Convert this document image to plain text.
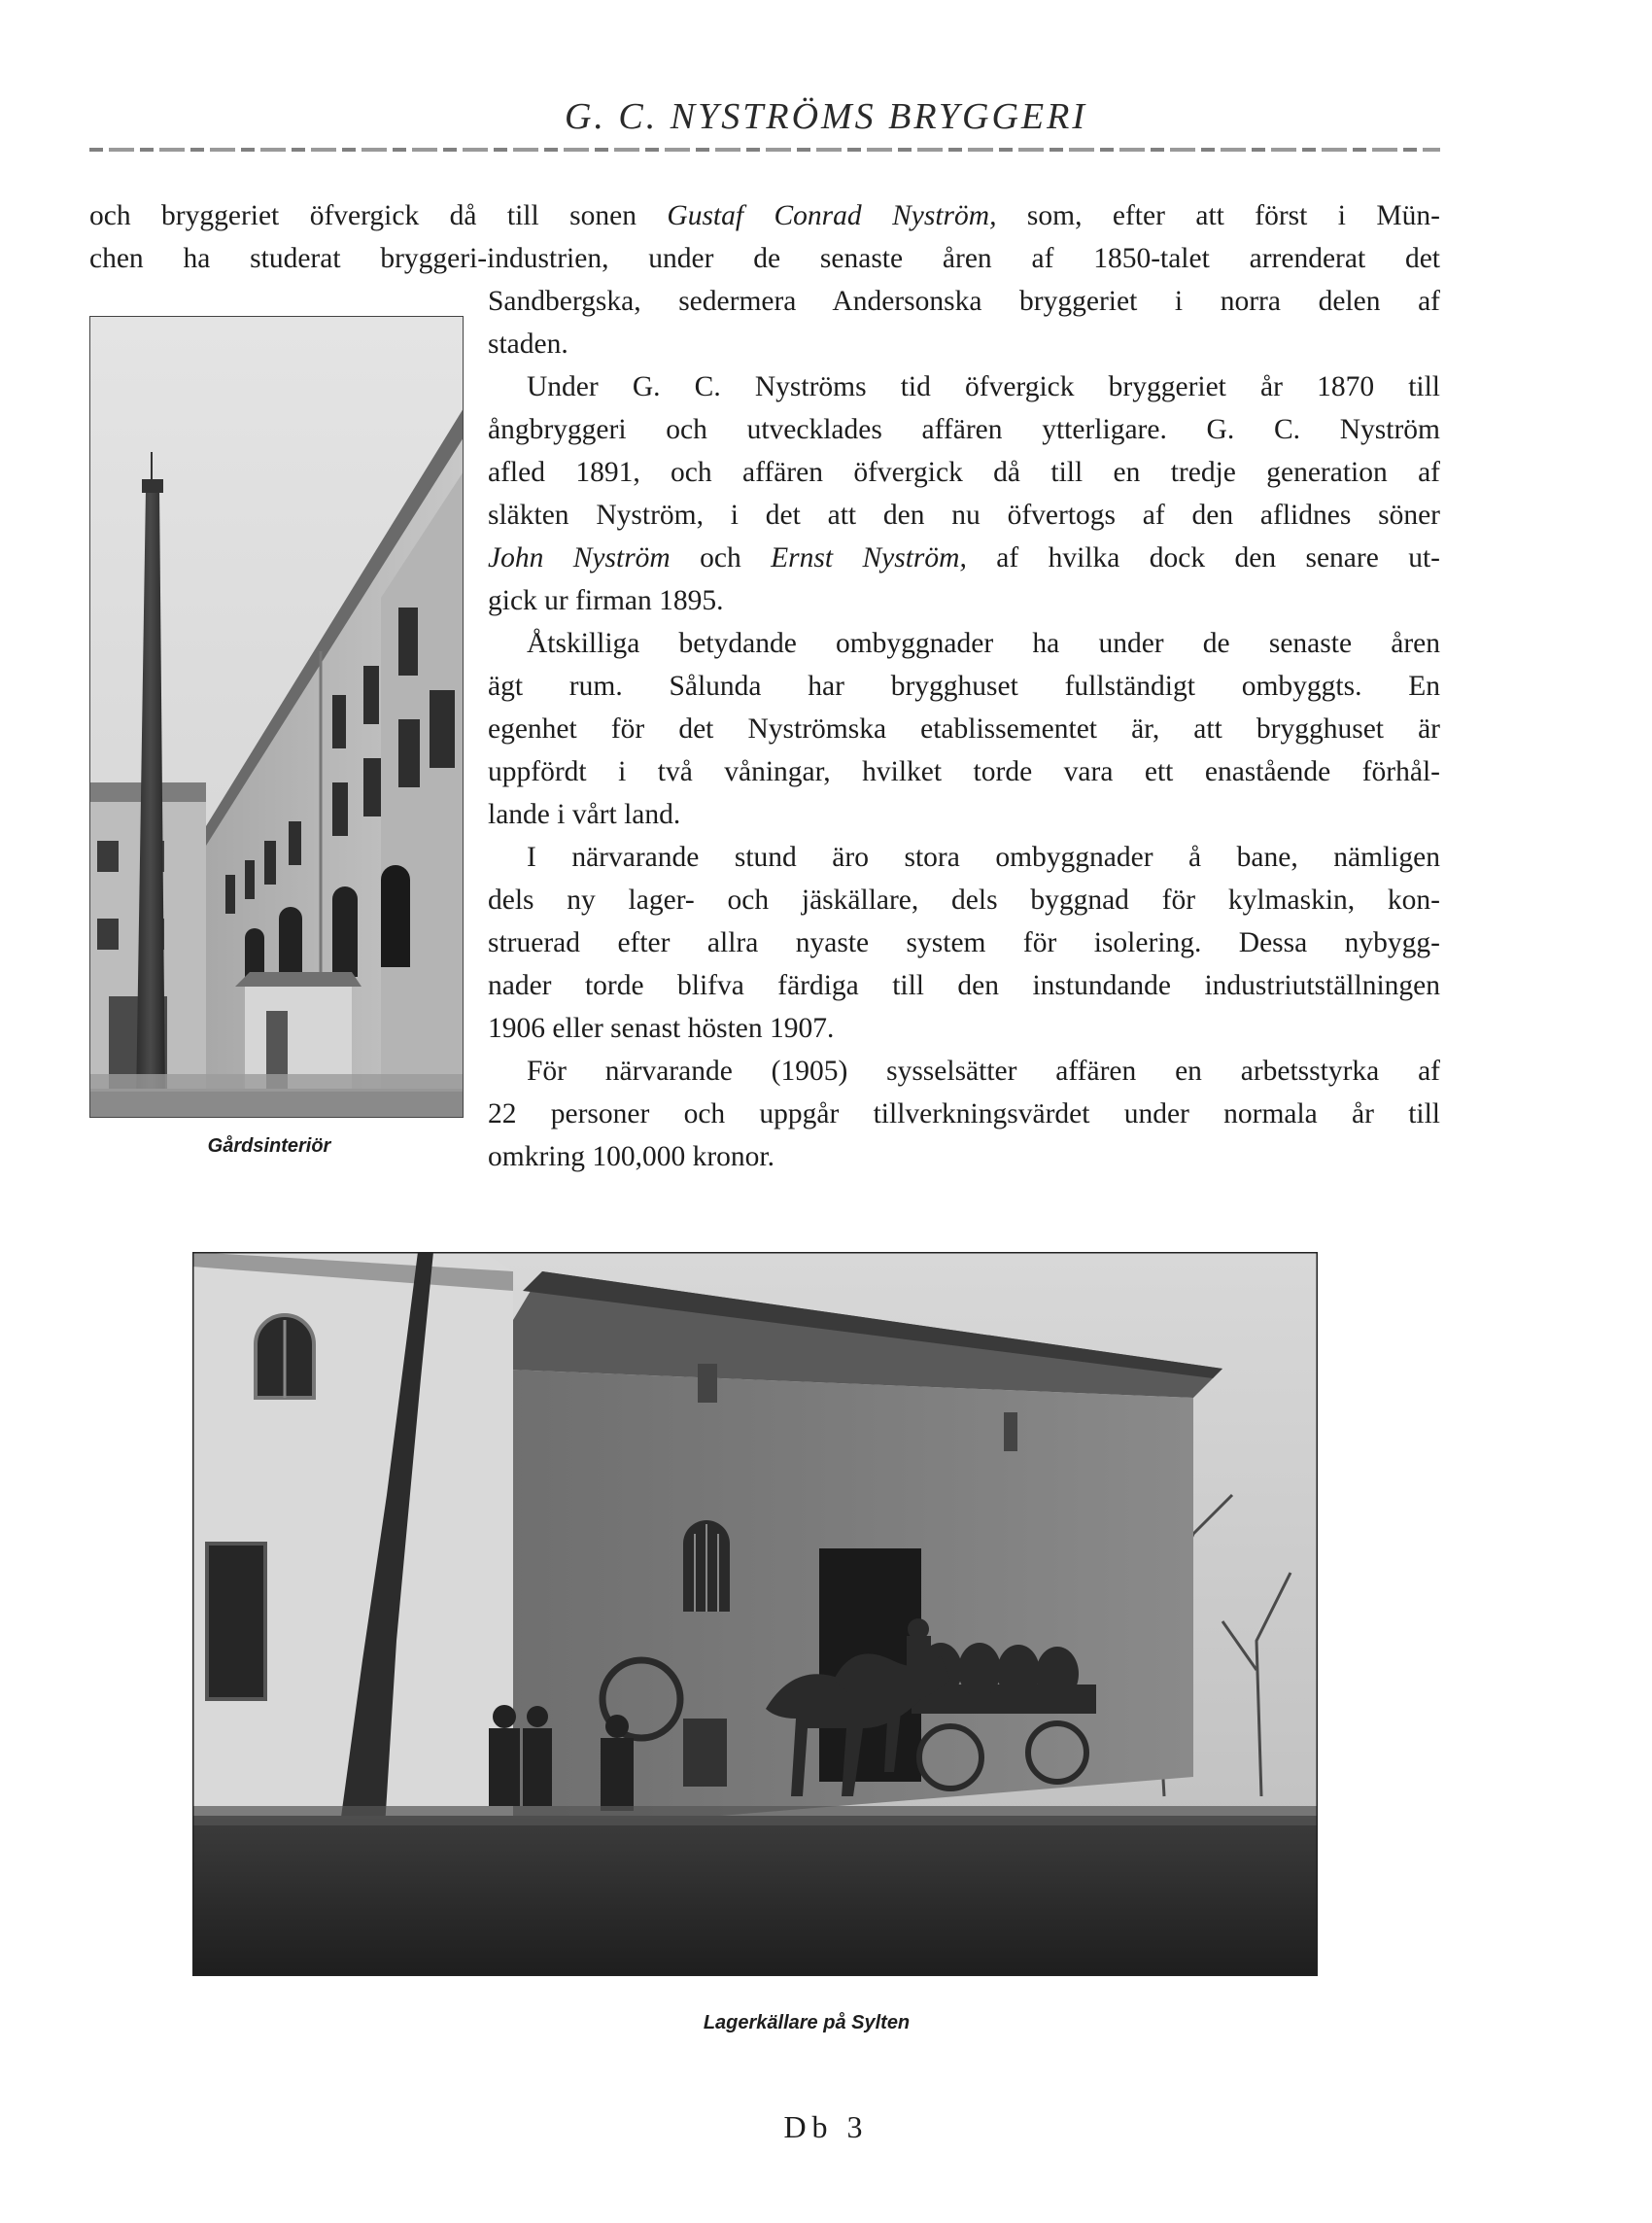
G. C. NYSTRÖMS BRYGGERI
och bryggeriet öfvergick då till sonen Gustaf Conrad Nyström, som, efter att först i Mün-
chen ha studerat bryggeri-industrien, under de senaste åren af 1850-talet arrenderat det
Sandbergska, sedermera Andersonska bryggeriet i norra delen af
staden.
Under G. C. Nyströms tid öfvergick bryggeriet år 1870 till
ångbryggeri och utvecklades affären ytterligare. G. C. Nyström
afled 1891, och affären öfvergick då till en tredje generation af
släkten Nyström, i det att den nu öfvertogs af den aflidnes söner
John Nyström och Ernst Nyström, af hvilka dock den senare ut-
gick ur firman 1895.
Åtskilliga betydande ombyggnader ha under de senaste åren
ägt rum. Sålunda har brygghuset fullständigt ombyggts. En
egenhet för det Nyströmska etablissementet är, att brygghuset är
uppfördt i två våningar, hvilket torde vara ett enastående förhål-
lande i vårt land.
I närvarande stund äro stora ombyggnader å bane, nämligen
dels ny lager- och jäskällare, dels byggnad för kylmaskin, kon-
struerad efter allra nyaste system för isolering. Dessa nybygg-
nader torde blifva färdiga till den instundande industriutställningen
1906 eller senast hösten 1907.
För närvarande (1905) sysselsätter affären en arbetsstyrka af
22 personer och uppgår tillverkningsvärdet under normala år till
omkring 100,000 kronor.
Gårdsinteriör
Lagerkällare på Sylten
Db 3
